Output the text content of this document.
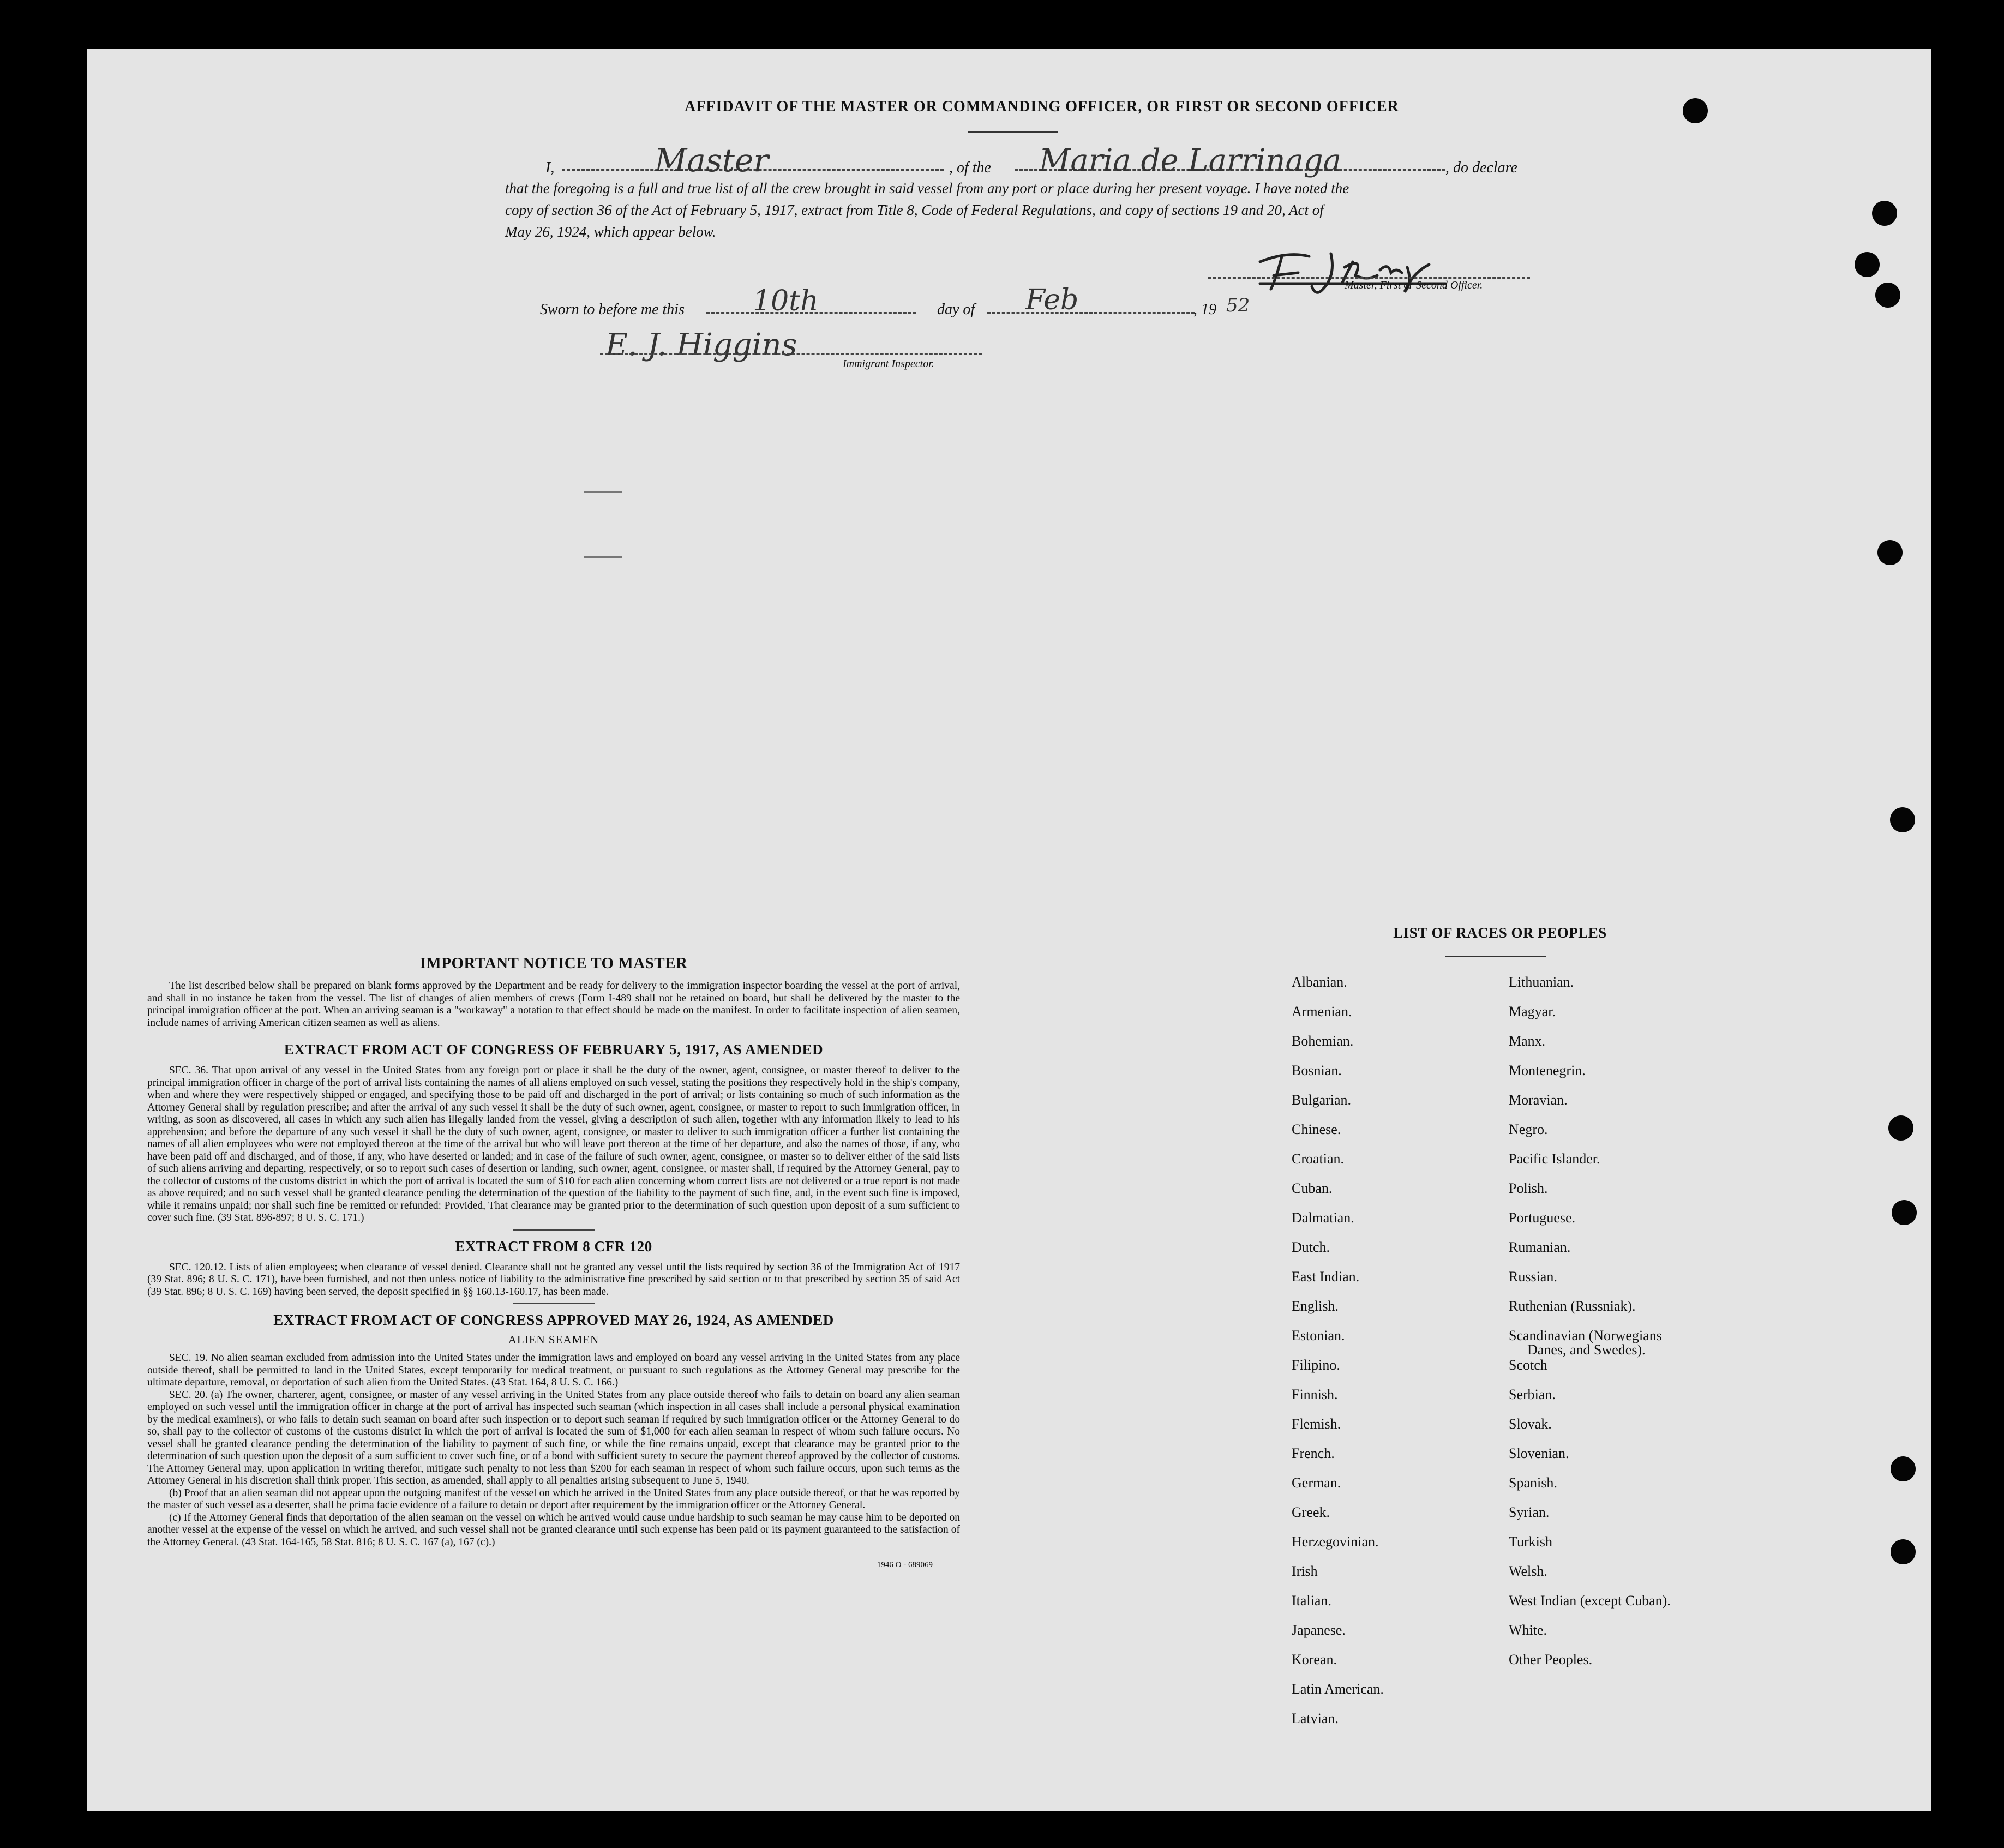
AFFIDAVIT OF THE MASTER OR COMMANDING OFFICER, OR FIRST OR SECOND OFFICER
I,	Master	, of the Maria de Larrinaga	, do declare
that the foregoing is a full and true list of all the crew brought in said vessel from any port or place during her present voyage. I have noted the
copy of section 36 of the Act of February 5, 1917, extract from Title 8, Code of Federal Regulations, and copy of sections 19 and 20, Act of
May 26, 1924, which appear below.
Master, First or Second Officer.
Sworn to before me this 10th	day of Feb	, 19 52
E. J. Higgins
Immigrant Inspector.
IMPORTANT NOTICE TO MASTER

The list described below shall be prepared on blank forms approved by the Department and be ready for delivery to the immigration inspector boarding the vessel at the port of arrival, and shall in no instance be taken from the vessel. The list of changes of alien members of crews (Form I-489 shall not be retained on board, but shall be delivered by the master to the principal immigration officer at the port. When an arriving seaman is a "workaway" a notation to that effect should be made on the manifest. In order to facilitate inspection of alien seamen, include names of arriving American citizen seamen as well as aliens.

EXTRACT FROM ACT OF CONGRESS OF FEBRUARY 5, 1917, AS AMENDED

SEC. 36. That upon arrival of any vessel in the United States from any foreign port or place it shall be the duty of the owner, agent, consignee, or master thereof to deliver to the principal immigration officer in charge of the port of arrival lists containing the names of all aliens employed on such vessel, stating the positions they respectively hold in the ship's company, when and where they were respectively shipped or engaged, and specifying those to be paid off and discharged in the port of arrival; or lists containing so much of such information as the Attorney General shall by regulation prescribe; and after the arrival of any such vessel it shall be the duty of such owner, agent, consignee, or master to report to such immigration officer, in writing, as soon as discovered, all cases in which any such alien has illegally landed from the vessel, giving a description of such alien, together with any information likely to lead to his apprehension; and before the departure of any such vessel it shall be the duty of such owner, agent, consignee, or master to deliver to such immigration officer a further list containing the names of all alien employees who were not employed thereon at the time of the arrival but who will leave port thereon at the time of her departure, and also the names of those, if any, who have been paid off and discharged, and of those, if any, who have deserted or landed; and in case of the failure of such owner, agent, consignee, or master so to deliver either of the said lists of such aliens arriving and departing, respectively, or so to report such cases of desertion or landing, such owner, agent, consignee, or master shall, if required by the Attorney General, pay to the collector of customs of the customs district in which the port of arrival is located the sum of $10 for each alien concerning whom correct lists are not delivered or a true report is not made as above required; and no such vessel shall be granted clearance pending the determination of the question of the liability to the payment of such fine, and, in the event such fine is imposed, while it remains unpaid; nor shall such fine be remitted or refunded: Provided, That clearance may be granted prior to the determination of such question upon deposit of a sum sufficient to cover such fine. (39 Stat. 896-897; 8 U. S. C. 171.)

EXTRACT FROM 8 CFR 120

SEC. 120.12. Lists of alien employees; when clearance of vessel denied. Clearance shall not be granted any vessel until the lists required by section 36 of the Immigration Act of 1917 (39 Stat. 896; 8 U. S. C. 171), have been furnished, and not then unless notice of liability to the administrative fine prescribed by said section or to that prescribed by section 35 of said Act (39 Stat. 896; 8 U. S. C. 169) having been served, the deposit specified in §§ 160.13-160.17, has been made.

EXTRACT FROM ACT OF CONGRESS APPROVED MAY 26, 1924, AS AMENDED
ALIEN SEAMEN

SEC. 19. No alien seaman excluded from admission into the United States under the immigration laws and employed on board any vessel arriving in the United States from any place outside thereof, shall be permitted to land in the United States, except temporarily for medical treatment, or pursuant to such regulations as the Attorney General may prescribe for the ultimate departure, removal, or deportation of such alien from the United States. (43 Stat. 164, 8 U. S. C. 166.)

SEC. 20. (a) The owner, charterer, agent, consignee, or master of any vessel arriving in the United States from any place outside thereof who fails to detain on board any alien seaman employed on such vessel until the immigration officer in charge at the port of arrival has inspected such seaman (which inspection in all cases shall include a personal physical examination by the medical examiners), or who fails to detain such seaman on board after such inspection or to deport such seaman if required by such immigration officer or the Attorney General to do so, shall pay to the collector of customs of the customs district in which the port of arrival is located the sum of $1,000 for each alien seaman in respect of whom such failure occurs. No vessel shall be granted clearance pending the determination of the liability to payment of such fine, or while the fine remains unpaid, except that clearance may be granted prior to the determination of such question upon the deposit of a sum sufficient to cover such fine, or of a bond with sufficient surety to secure the payment thereof approved by the collector of customs. The Attorney General may, upon application in writing therefor, mitigate such penalty to not less than $200 for each seaman in respect of whom such failure occurs, upon such terms as the Attorney General in his discretion shall think proper. This section, as amended, shall apply to all penalties arising subsequent to June 5, 1940.

(b) Proof that an alien seaman did not appear upon the outgoing manifest of the vessel on which he arrived in the United States from any place outside thereof, or that he was reported by the master of such vessel as a deserter, shall be prima facie evidence of a failure to detain or deport after requirement by the immigration officer or the Attorney General.

(c) If the Attorney General finds that deportation of the alien seaman on the vessel on which he arrived would cause undue hardship to such seaman he may cause him to be deported on another vessel at the expense of the vessel on which he arrived, and such vessel shall not be granted clearance until such expense has been paid or its payment guaranteed to the satisfaction of the Attorney General. (43 Stat. 164-165, 58 Stat. 816; 8 U. S. C. 167 (a), 167 (c).)

1946 O - 689069
LIST OF RACES OR PEOPLES
Albanian.
Armenian.
Bohemian.
Bosnian.
Bulgarian.
Chinese.
Croatian.
Cuban.
Dalmatian.
Dutch.
East Indian.
English.
Estonian.
Filipino.
Finnish.
Flemish.
French.
German.
Greek.
Herzegovinian.
Irish
Italian.
Japanese.
Korean.
Latin American.
Latvian.
Lithuanian.
Magyar.
Manx.
Montenegrin.
Moravian.
Negro.
Pacific Islander.
Polish.
Portuguese.
Rumanian.
Russian.
Ruthenian (Russniak).
Scandinavian (Norwegians
Danes, and Swedes).
Scotch
Serbian.
Slovak.
Slovenian.
Spanish.
Syrian.
Turkish
Welsh.
West Indian (except Cuban).
White.
Other Peoples.
